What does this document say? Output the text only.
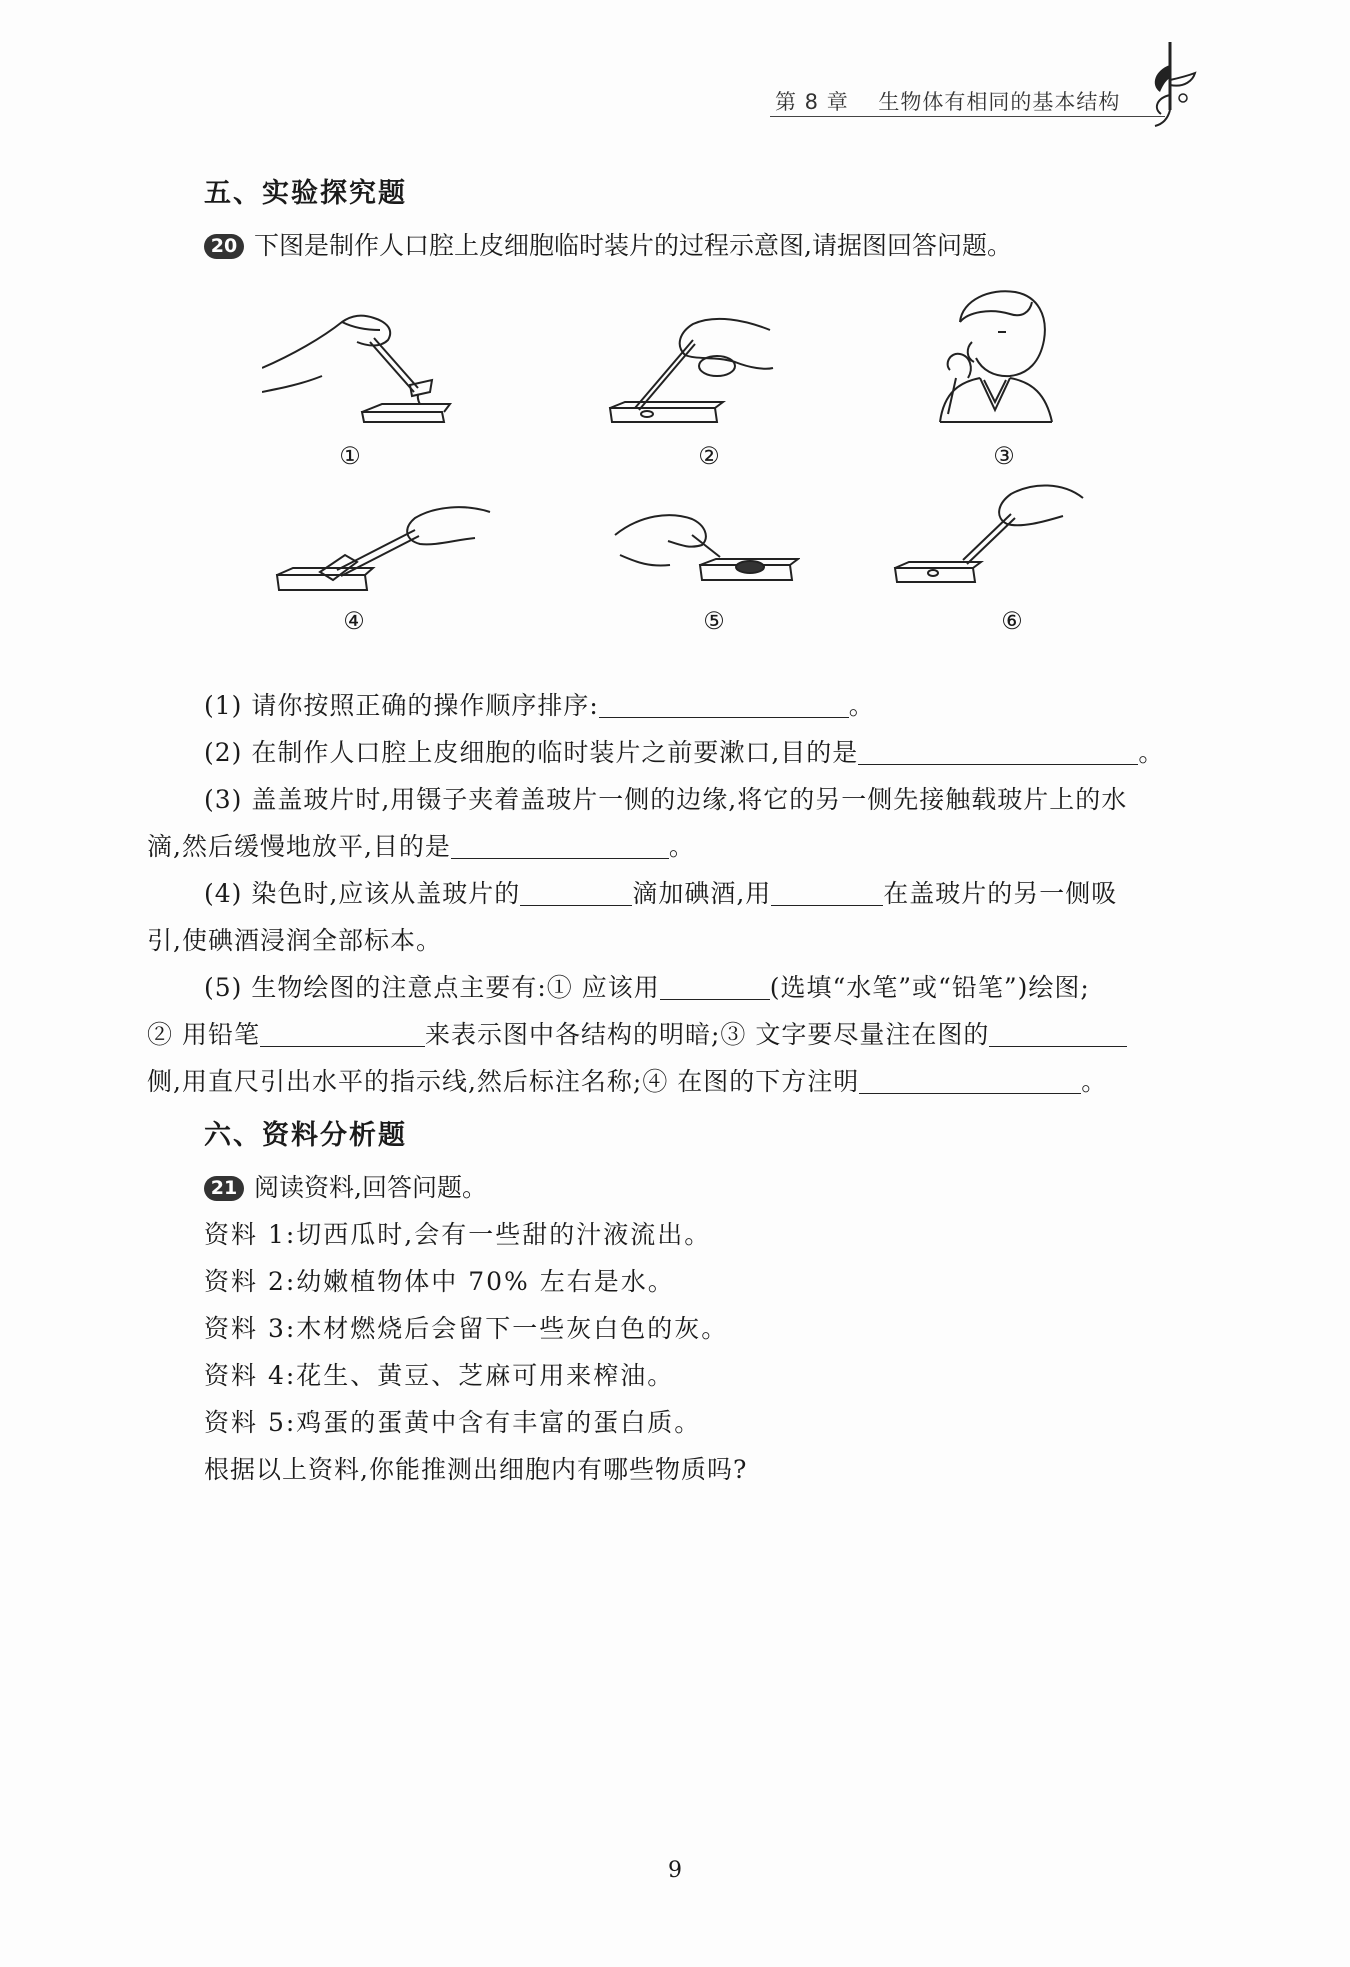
第 8 章 生物体有相同的基本结构
五、实验探究题
20 下图是制作人口腔上皮细胞临时装片的过程示意图,请据图回答问题。
①	②	③
④	⑤	⑥
(1) 请你按照正确的操作顺序排序:	。
(2) 在制作人口腔上皮细胞的临时装片之前要漱口,目的是	。
(3) 盖盖玻片时,用镊子夹着盖玻片一侧的边缘,将它的另一侧先接触载玻片上的水
滴,然后缓慢地放平,目的是	。
(4) 染色时,应该从盖玻片的	滴加碘酒,用	在盖玻片的另一侧吸
引,使碘酒浸润全部标本。
(5) 生物绘图的注意点主要有:① 应该用	(选填“水笔”或“铅笔”)绘图;
② 用铅笔	来表示图中各结构的明暗;③ 文字要尽量注在图的
侧,用直尺引出水平的指示线,然后标注名称;④ 在图的下方注明	。
六、资料分析题
21 阅读资料,回答问题。
资料 1:切西瓜时,会有一些甜的汁液流出。
资料 2:幼嫩植物体中 70% 左右是水。
资料 3:木材燃烧后会留下一些灰白色的灰。
资料 4:花生、黄豆、芝麻可用来榨油。
资料 5:鸡蛋的蛋黄中含有丰富的蛋白质。
根据以上资料,你能推测出细胞内有哪些物质吗?
9
